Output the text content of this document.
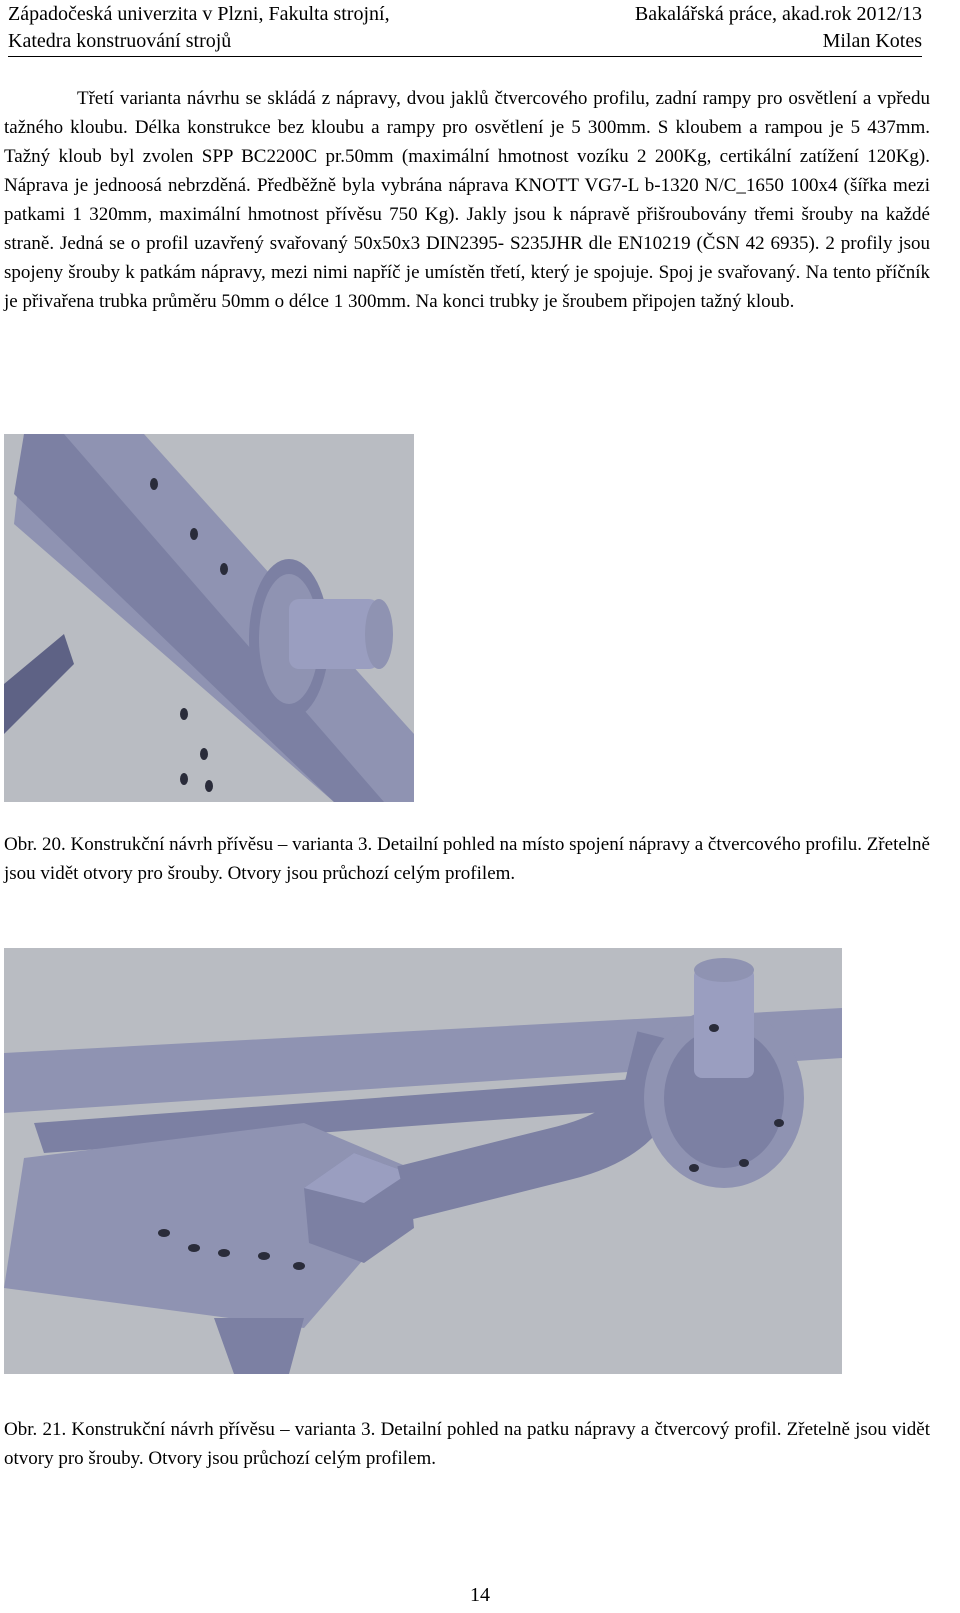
Západočeská univerzita v Plzni, Fakulta strojní,	Bakalářská práce, akad.rok 2012/13
Katedra konstruování strojů	Milan Kotes

Třetí varianta návrhu se skládá z nápravy, dvou jaklů čtvercového profilu, zadní rampy pro osvětlení a vpředu tažného kloubu. Délka konstrukce bez kloubu a rampy pro osvětlení je 5 300mm. S kloubem a rampou je 5 437mm. Tažný kloub byl zvolen SPP BC2200C pr.50mm (maximální hmotnost vozíku 2 200Kg, certikální zatížení 120Kg). Náprava je jednoosá nebrzděná. Předběžně byla vybrána náprava KNOTT VG7-L b-1320 N/C_1650 100x4 (šířka mezi patkami 1 320mm, maximální hmotnost přívěsu 750 Kg). Jakly jsou k nápravě přišroubovány třemi šrouby na každé straně. Jedná se o profil uzavřený svařovaný 50x50x3 DIN2395- S235JHR dle EN10219 (ČSN 42 6935). 2 profily jsou spojeny šrouby k patkám nápravy, mezi nimi napříč je umístěn třetí, který je spojuje. Spoj je svařovaný. Na tento příčník je přivařena trubka průměru 50mm o délce 1 300mm. Na konci trubky je šroubem připojen tažný kloub.

Obr. 20. Konstrukční návrh přívěsu – varianta 3. Detailní pohled na místo spojení nápravy a čtvercového profilu. Zřetelně jsou vidět otvory pro šrouby. Otvory jsou průchozí celým profilem.

Obr. 21. Konstrukční návrh přívěsu – varianta 3. Detailní pohled na patku nápravy a čtvercový profil. Zřetelně jsou vidět otvory pro šrouby. Otvory jsou průchozí celým profilem.

14
